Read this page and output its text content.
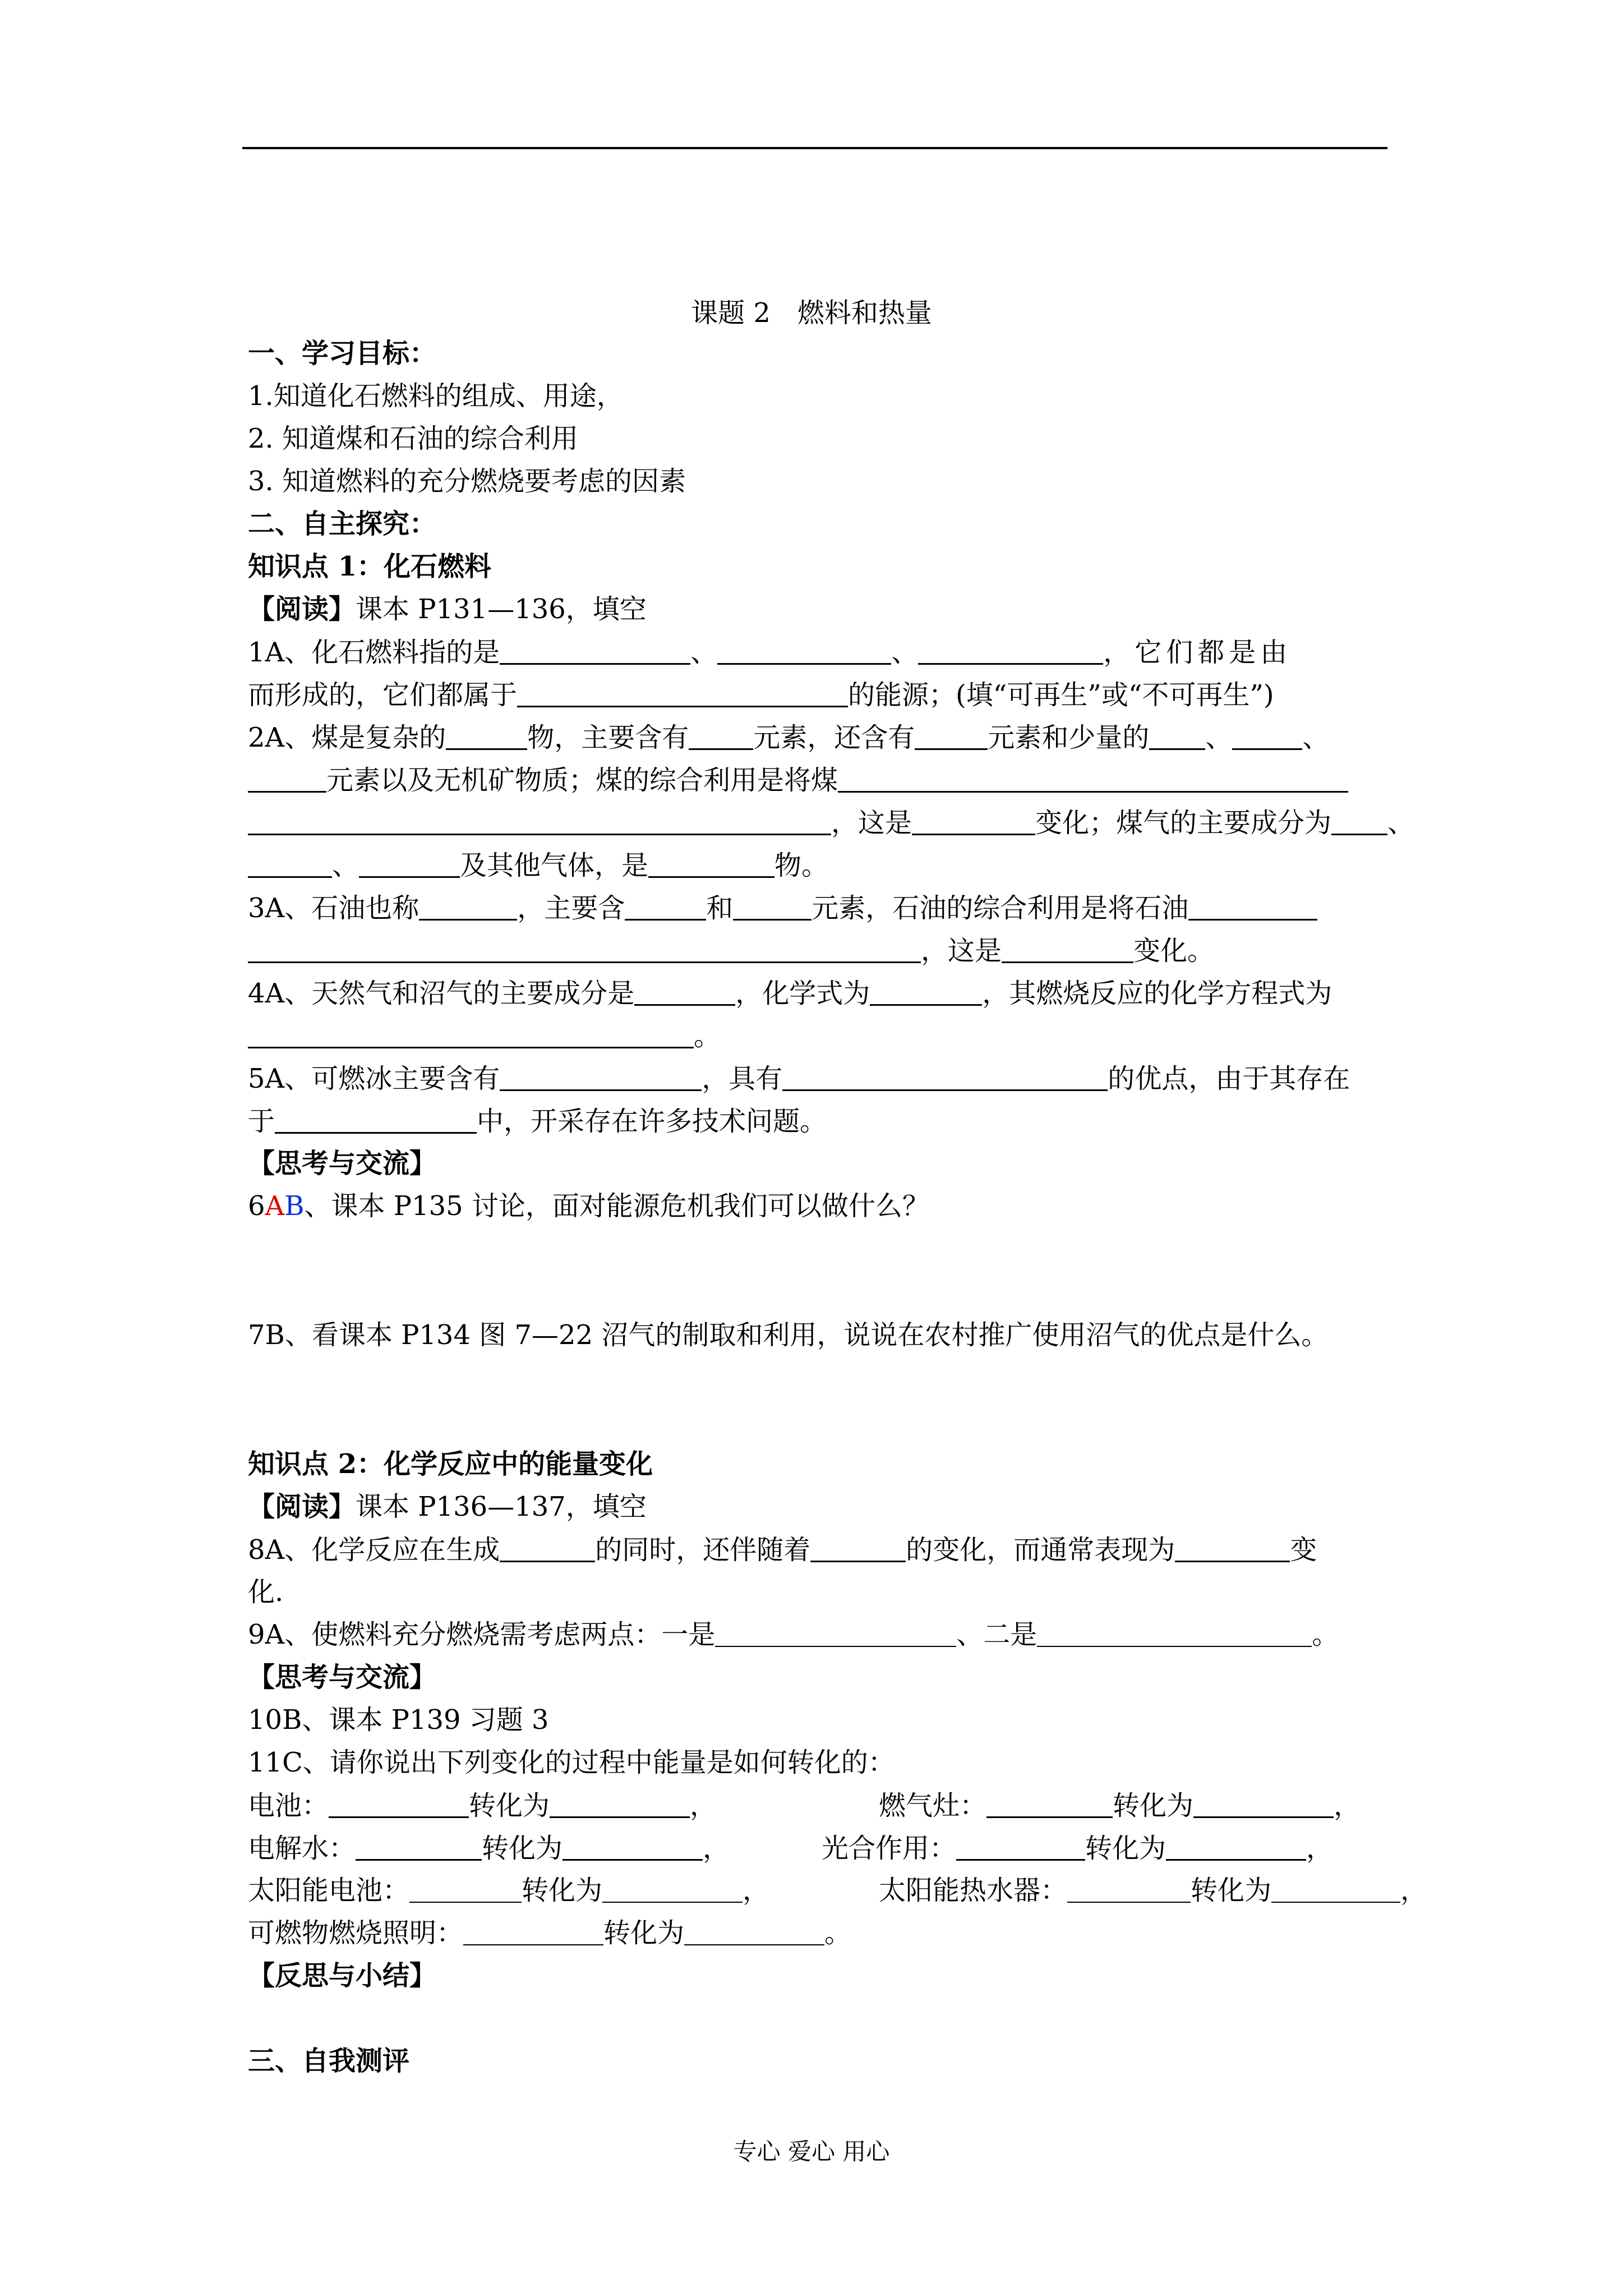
课题 2　燃料和热量
一、学习目标：
1.知道化石燃料的组成、用途，
2. 知道煤和石油的综合利用
3. 知道燃料的充分燃烧要考虑的因素
二、自主探究：
知识点 1：化石燃料
【阅读】课本 P131—136，填空
1A、化石燃料指的是	、	、	，它们都是由
而形成的，它们都属于	的能源；(填“可再生”或“不可再生”)
2A、煤是复杂的	物，主要含有 元素，还含有	元素和少量的 、	、
元素以及无机矿物质；煤的综合利用是将煤
，这是	变化；煤气的主要成分为 、
、	及其他气体，是	物。
3A、石油也称	，主要含	和	元素，石油的综合利用是将石油
，这是	变化。
4A、天然气和沼气的主要成分是	，化学式为	，其燃烧反应的化学方程式为
。
5A、可燃冰主要含有	，具有	的优点，由于其存在
于	中，开采存在许多技术问题。
【思考与交流】
6AB、课本 P135 讨论，面对能源危机我们可以做什么？
7B、看课本 P134 图 7—22 沼气的制取和利用，说说在农村推广使用沼气的优点是什么。
知识点 2：化学反应中的能量变化
【阅读】课本 P136—137，填空
8A、化学反应在生成	的同时，还伴随着	的变化，而通常表现为	变
化.
9A、使燃料充分燃烧需考虑两点：一是	、二是	。
【思考与交流】
10B、课本 P139 习题 3
11C、请你说出下列变化的过程中能量是如何转化的：
电池：	转化为	，	燃气灶：	转化为	，
电解水：	转化为	，	光合作用：	转化为	，
太阳能电池：	转化为	，	太阳能热水器：	转化为	，
可燃物燃烧照明：	转化为	。
【反思与小结】
三、自我测评
专心 爱心 用心
